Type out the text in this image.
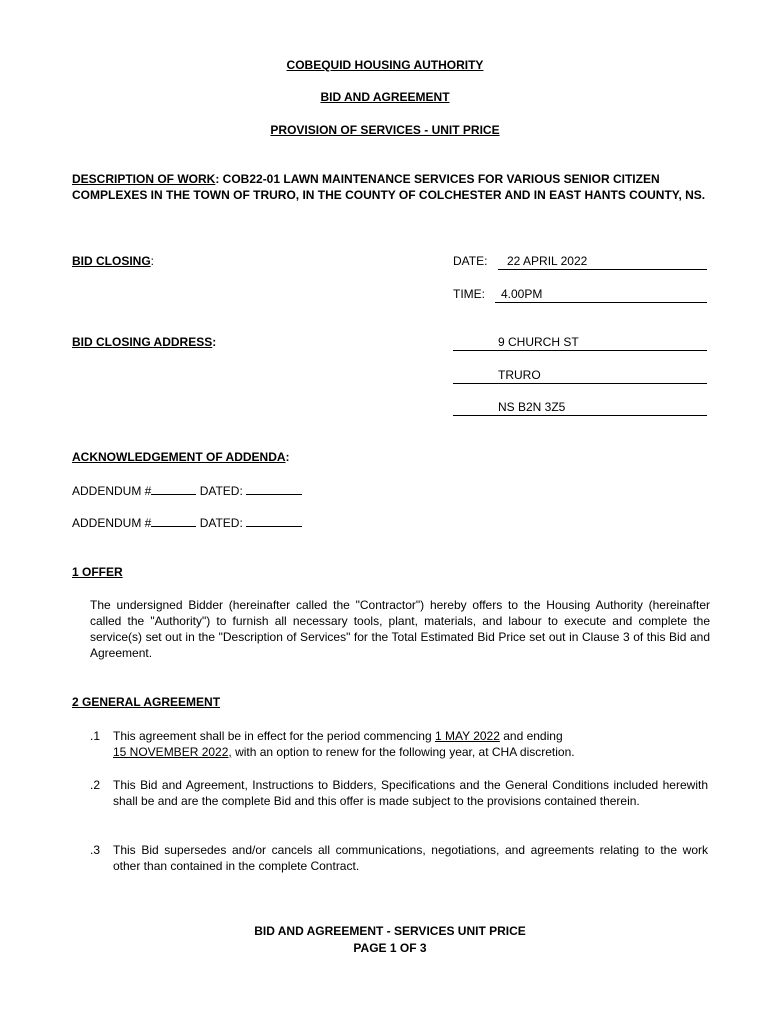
COBEQUID HOUSING AUTHORITY
BID AND AGREEMENT
PROVISION OF SERVICES - UNIT PRICE
DESCRIPTION OF WORK: COB22-01 LAWN MAINTENANCE SERVICES FOR VARIOUS SENIOR CITIZEN COMPLEXES IN THE TOWN OF TRURO, IN THE COUNTY OF COLCHESTER AND IN EAST HANTS COUNTY, NS.
BID CLOSING:	DATE:	22 APRIL 2022
TIME:	4.00PM
BID CLOSING ADDRESS:	9 CHURCH ST
TRURO
NS B2N 3Z5
ACKNOWLEDGEMENT OF ADDENDA:
ADDENDUM #	DATED:
ADDENDUM #	DATED:
1 OFFER

The undersigned Bidder (hereinafter called the "Contractor") hereby offers to the Housing Authority (hereinafter called the "Authority") to furnish all necessary tools, plant, materials, and labour to execute and complete the service(s) set out in the "Description of Services" for the Total Estimated Bid Price set out in Clause 3 of this Bid and Agreement.

2 GENERAL AGREEMENT
.1 This agreement shall be in effect for the period commencing 1 MAY 2022 and ending
15 NOVEMBER 2022, with an option to renew for the following year, at CHA discretion.

.2 This Bid and Agreement, Instructions to Bidders, Specifications and the General Conditions included herewith shall be and are the complete Bid and this offer is made subject to the provisions contained therein.

.3 This Bid supersedes and/or cancels all communications, negotiations, and agreements relating to the work other than contained in the complete Contract.

BID AND AGREEMENT - SERVICES UNIT PRICE
PAGE 1 OF 3
